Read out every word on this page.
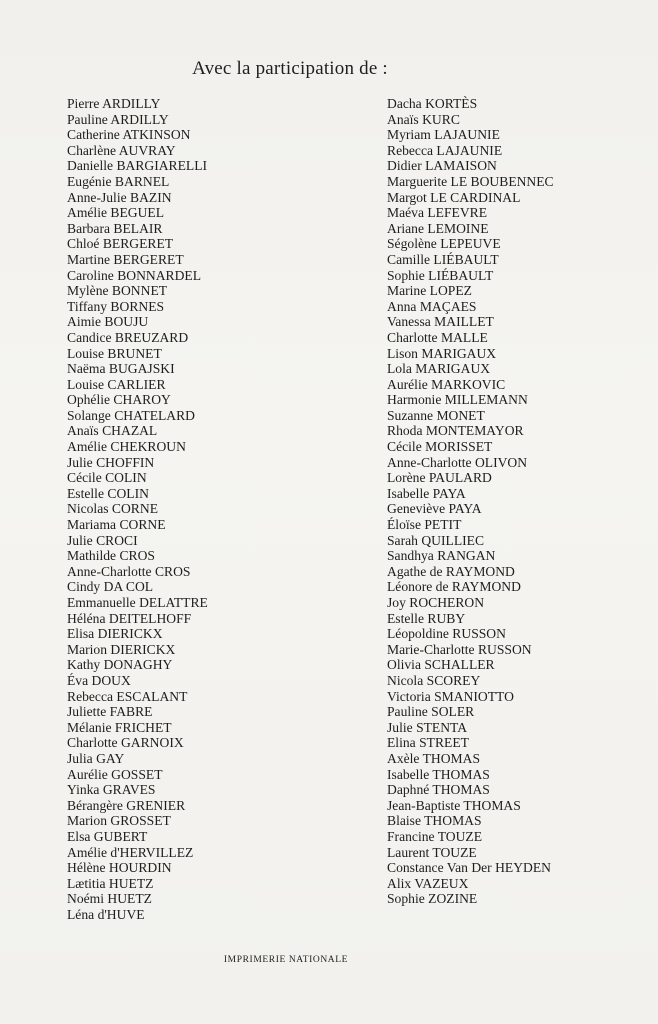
Avec la participation de :
Pierre ARDILLY
Pauline ARDILLY
Catherine ATKINSON
Charlène AUVRAY
Danielle BARGIARELLI
Eugénie BARNEL
Anne-Julie BAZIN
Amélie BEGUEL
Barbara BELAIR
Chloé BERGERET
Martine BERGERET
Caroline BONNARDEL
Mylène BONNET
Tiffany BORNES
Aimie BOUJU
Candice BREUZARD
Louise BRUNET
Naëma BUGAJSKI
Louise CARLIER
Ophélie CHAROY
Solange CHATELARD
Anaïs CHAZAL
Amélie CHEKROUN
Julie CHOFFIN
Cécile COLIN
Estelle COLIN
Nicolas CORNE
Mariama CORNE
Julie CROCI
Mathilde CROS
Anne-Charlotte CROS
Cindy DA COL
Emmanuelle DELATTRE
Héléna DEITELHOFF
Elisa DIERICKX
Marion DIERICKX
Kathy DONAGHY
Éva DOUX
Rebecca ESCALANT
Juliette FABRE
Mélanie FRICHET
Charlotte GARNOIX
Julia GAY
Aurélie GOSSET
Yinka GRAVES
Bérangère GRENIER
Marion GROSSET
Elsa GUBERT
Amélie d'HERVILLEZ
Hélène HOURDIN
Lætitia HUETZ
Noémi HUETZ
Léna d'HUVE
Dacha KORTÈS
Anaïs KURC
Myriam LAJAUNIE
Rebecca LAJAUNIE
Didier LAMAISON
Marguerite LE BOUBENNEC
Margot LE CARDINAL
Maéva LEFEVRE
Ariane LEMOINE
Ségolène LEPEUVE
Camille LIÉBAULT
Sophie LIÉBAULT
Marine LOPEZ
Anna MAÇAES
Vanessa MAILLET
Charlotte MALLE
Lison MARIGAUX
Lola MARIGAUX
Aurélie MARKOVIC
Harmonie MILLEMANN
Suzanne MONET
Rhoda MONTEMAYOR
Cécile MORISSET
Anne-Charlotte OLIVON
Lorène PAULARD
Isabelle PAYA
Geneviève PAYA
Éloïse PETIT
Sarah QUILLIEC
Sandhya RANGAN
Agathe de RAYMOND
Léonore de RAYMOND
Joy ROCHERON
Estelle RUBY
Léopoldine RUSSON
Marie-Charlotte RUSSON
Olivia SCHALLER
Nicola SCOREY
Victoria SMANIOTTO
Pauline SOLER
Julie STENTA
Elina STREET
Axèle THOMAS
Isabelle THOMAS
Daphné THOMAS
Jean-Baptiste THOMAS
Blaise THOMAS
Francine TOUZE
Laurent TOUZE
Constance Van Der HEYDEN
Alix VAZEUX
Sophie ZOZINE
IMPRIMERIE NATIONALE
